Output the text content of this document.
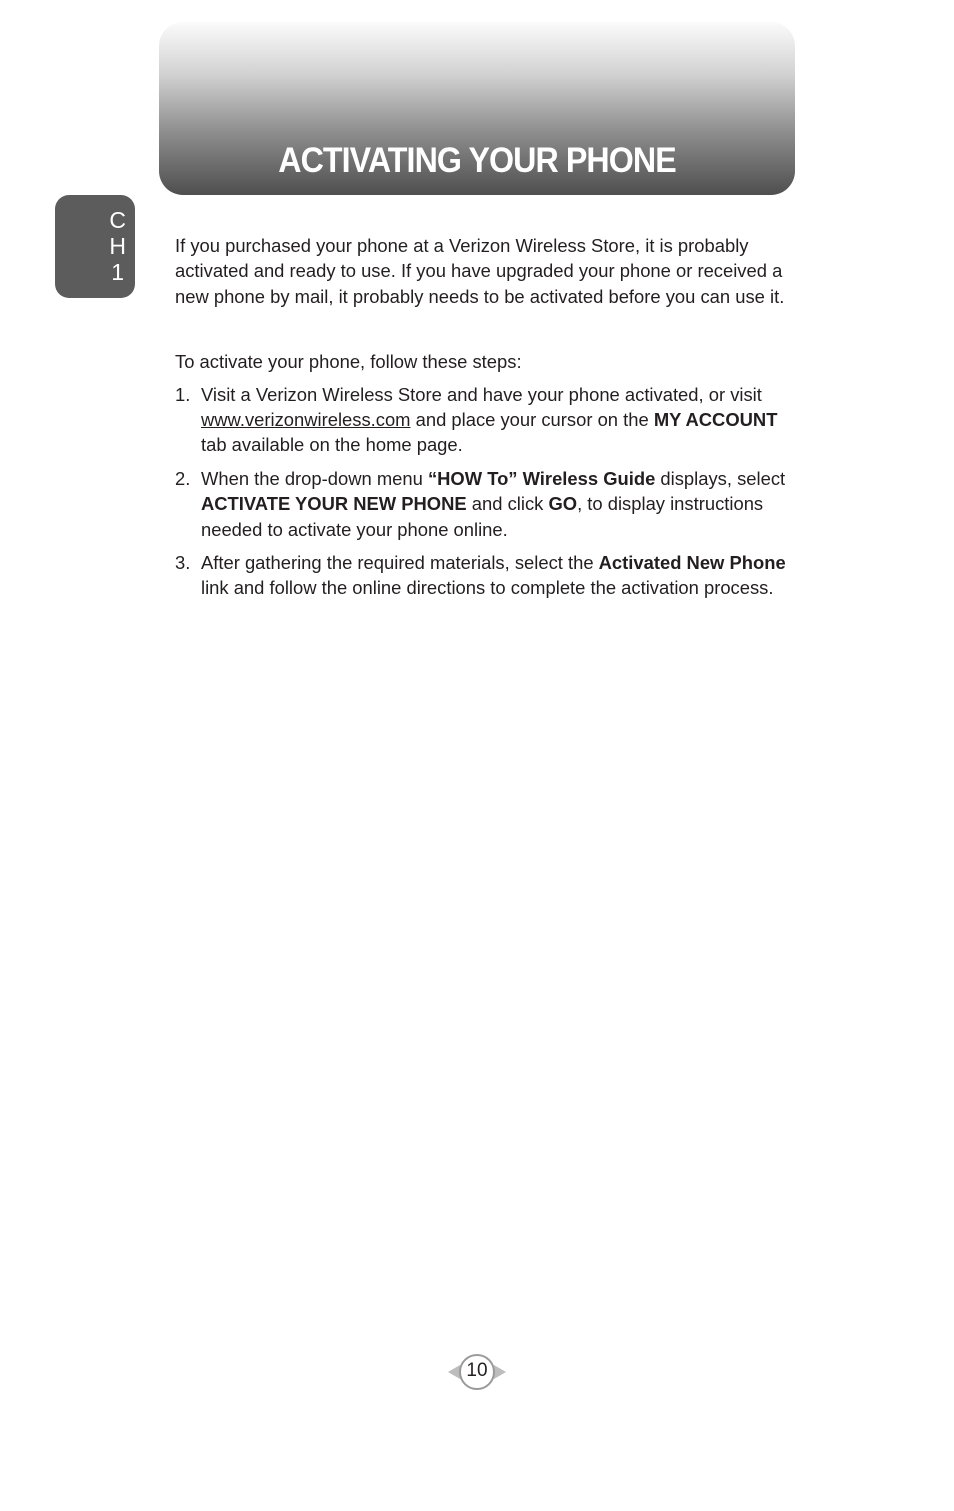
ACTIVATING YOUR PHONE
C
H
1

If you purchased your phone at a Verizon Wireless Store, it is probably activated and ready to use. If you have upgraded your phone or received a new phone by mail, it probably needs to be activated before you can use it.

To activate your phone, follow these steps:

1. Visit a Verizon Wireless Store and have your phone activated, or visit www.verizonwireless.com and place your cursor on the MY ACCOUNT tab available on the home page.
2. When the drop-down menu “HOW To” Wireless Guide displays, select ACTIVATE YOUR NEW PHONE and click GO, to display instructions needed to activate your phone online.
3. After gathering the required materials, select the Activated New Phone link and follow the online directions to complete the activation process.
10
